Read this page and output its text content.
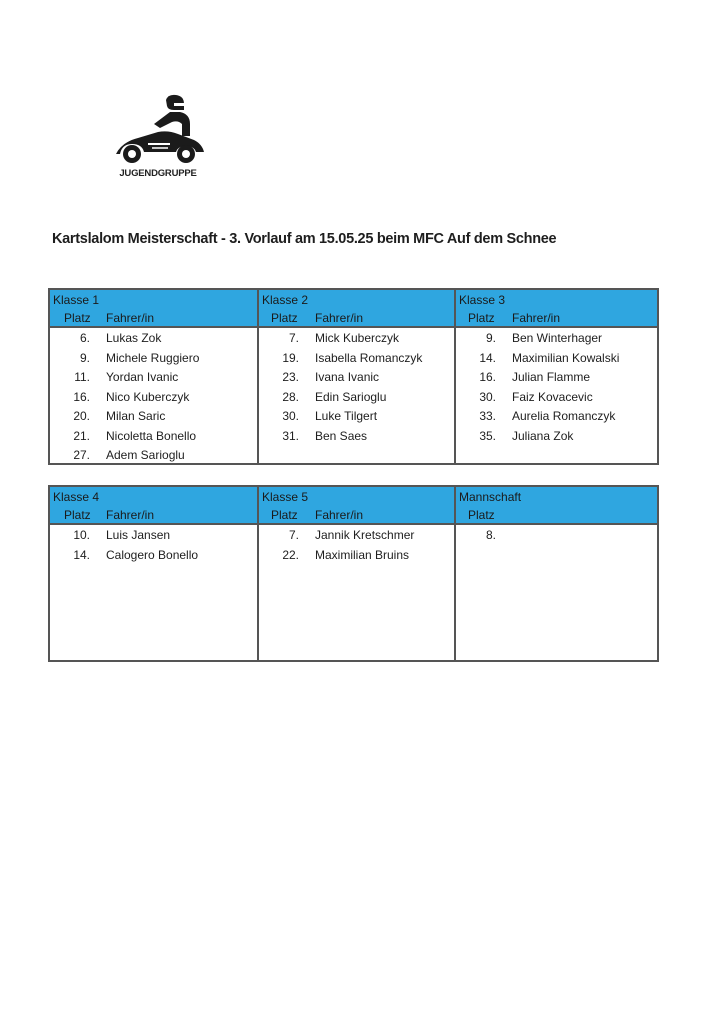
JUGENDGRUPPE
Kartslalom Meisterschaft - 3. Vorlauf am 15.05.25 beim MFC Auf dem Schnee
Klasse 1
Platz Fahrer/in
6. Lukas Zok
9. Michele Ruggiero
11. Yordan Ivanic
16. Nico Kuberczyk
20. Milan Saric
21. Nicoletta Bonello
27. Adem Sarioglu
Klasse 2
Platz Fahrer/in
7. Mick Kuberczyk
19. Isabella Romanczyk
23. Ivana Ivanic
28. Edin Sarioglu
30. Luke Tilgert
31. Ben Saes
Klasse 3
Platz Fahrer/in
9. Ben Winterhager
14. Maximilian Kowalski
16. Julian Flamme
30. Faiz Kovacevic
33. Aurelia Romanczyk
35. Juliana Zok
Klasse 4
Platz Fahrer/in
10. Luis Jansen
14. Calogero Bonello
Klasse 5
Platz Fahrer/in
7. Jannik Kretschmer
22. Maximilian Bruins
Mannschaft
Platz
8.
